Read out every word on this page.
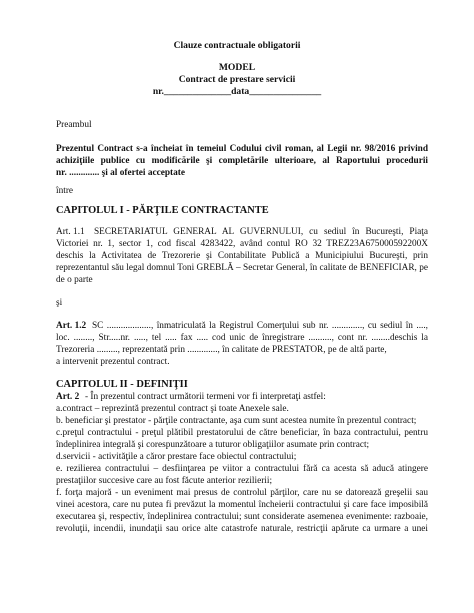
Clauze contractuale obligatorii
MODEL
Contract de prestare servicii
nr.______________data_______________
Preambul
Prezentul Contract s-a încheiat în temeiul Codului civil roman, al Legii nr. 98/2016 privind
achiziţiile publice cu modificările şi completările ulterioare, al Raportului procedurii
nr. ............. şi al ofertei acceptate
între
CAPITOLUL I - PĂRŢILE CONTRACTANTE
Art. 1.1 SECRETARIATUL GENERAL AL GUVERNULUI, cu sediul în Bucureşti, Piaţa
Victoriei nr. 1, sector 1, cod fiscal 4283422, având contul RO 32 TREZ23A675000592200X
deschis la Activitatea de Trezorerie şi Contabilitate Publică a Municipiului Bucureşti, prin
reprezentantul său legal domnul Toni GREBLĂ – Secretar General, în calitate de BENEFICIAR, pe
de o parte
şi
Art. 1.2 SC ..................., înmatriculată la Registrul Comerţului sub nr. ............., cu sediul în ....,
loc. ........, Str.....nr. ....., tel ..... fax ..... cod unic de înregistrare .........., cont nr. ........deschis la
Trezoreria ........., reprezentată prin ............., în calitate de PRESTATOR, pe de altă parte,
a intervenit prezentul contract.
CAPITOLUL II - DEFINIŢII
Art. 2 - În prezentul contract următorii termeni vor fi interpretaţi astfel:
a.contract – reprezintă prezentul contract şi toate Anexele sale.
b. beneficiar şi prestator - părţile contractante, aşa cum sunt acestea numite în prezentul contract;
c.preţul contractului - preţul plătibil prestatorului de către beneficiar, în baza contractului, pentru
îndeplinirea integrală şi corespunzătoare a tuturor obligaţiilor asumate prin contract;
d.servicii - activităţile a căror prestare face obiectul contractului;
e. rezilierea contractului – desfiinţarea pe viitor a contractului fără ca acesta să aducă atingere
prestaţiilor succesive care au fost făcute anterior rezilierii;
f. forţa majoră - un eveniment mai presus de controlul părţilor, care nu se datorează greşelii sau
vinei acestora, care nu putea fi prevăzut la momentul încheierii contractului şi care face imposibilă
executarea şi, respectiv, îndeplinirea contractului; sunt considerate asemenea evenimente: razboaie,
revoluţii, incendii, inundaţii sau orice alte catastrofe naturale, restricţii apărute ca urmare a unei
